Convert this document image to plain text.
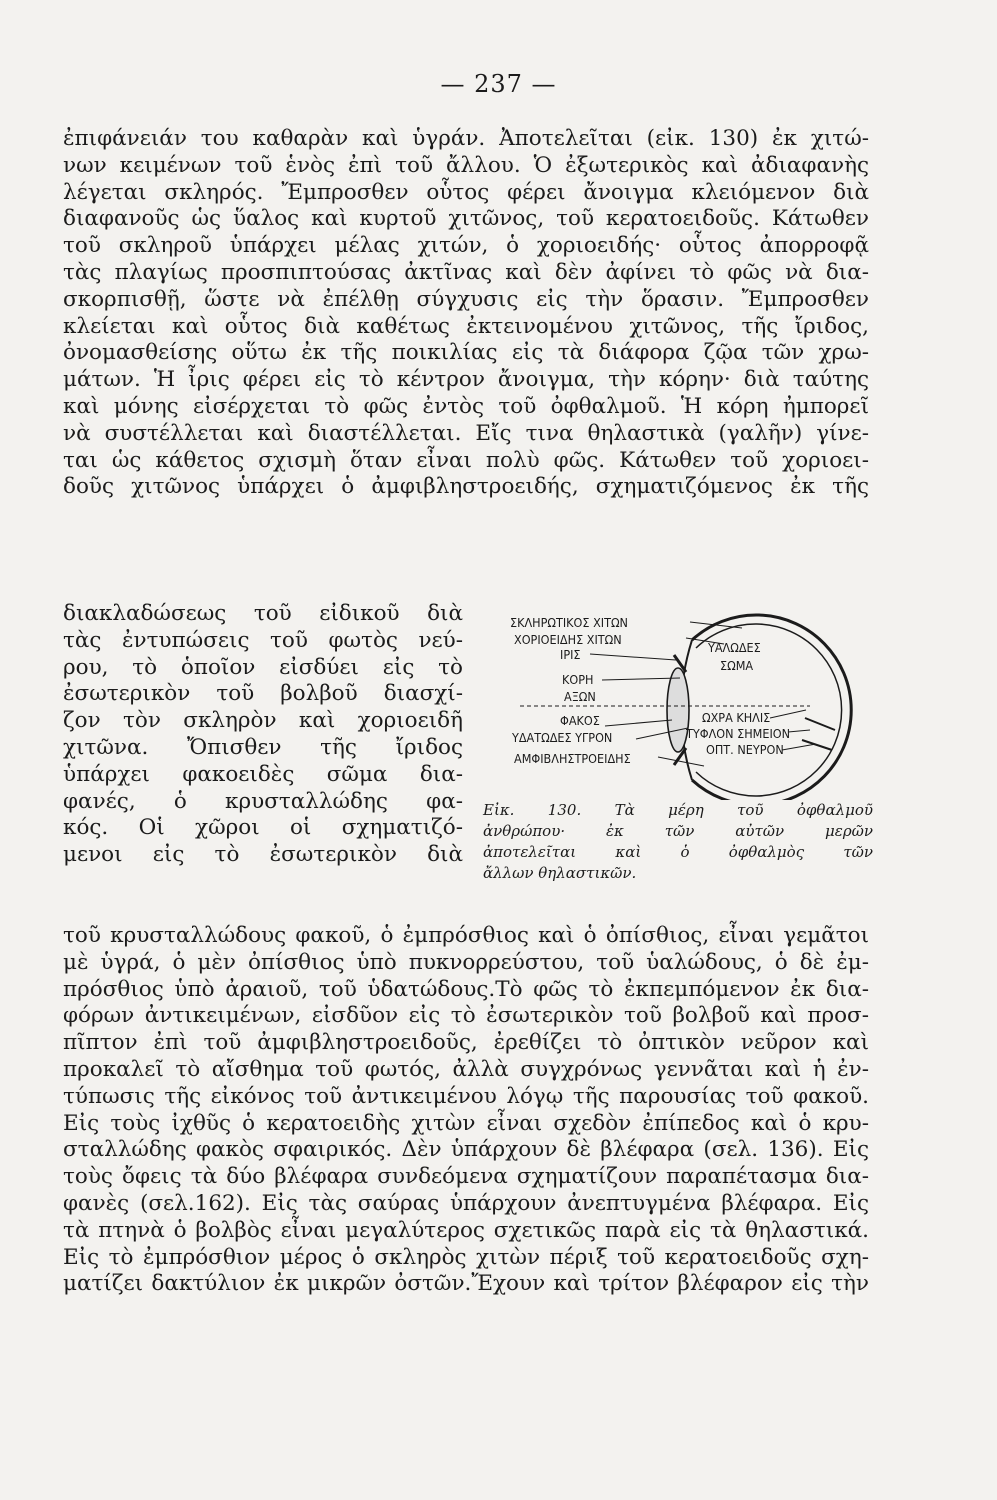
— 237 —
ἐπιφάνειάν του καθαρὰν καὶ ὑγράν. Ἀποτελεῖται (εἰκ. 130) ἐκ χιτώ-
νων κειμένων τοῦ ἑνὸς ἐπὶ τοῦ ἄλλου. Ὁ ἐξωτερικὸς καὶ ἀδιαφανὴς
λέγεται σκληρός. Ἔμπροσθεν οὗτος φέρει ἄνοιγμα κλειόμενον διὰ
διαφανοῦς ὡς ὕαλος καὶ κυρτοῦ χιτῶνος, τοῦ κερατοειδοῦς. Κάτωθεν
τοῦ σκληροῦ ὑπάρχει μέλας χιτών, ὁ χοριοειδής· οὗτος ἀπορροφᾷ
τὰς πλαγίως προσπιπτούσας ἀκτῖνας καὶ δὲν ἀφίνει τὸ φῶς νὰ δια-
σκορπισθῇ, ὥστε νὰ ἐπέλθῃ σύγχυσις εἰς τὴν ὅρασιν. Ἔμπροσθεν
κλείεται καὶ οὗτος διὰ καθέτως ἐκτεινομένου χιτῶνος, τῆς ἴριδος,
ὀνομασθείσης οὕτω ἐκ τῆς ποικιλίας εἰς τὰ διάφορα ζῷα τῶν χρω-
μάτων. Ἡ ἶρις φέρει εἰς τὸ κέντρον ἄνοιγμα, τὴν κόρην· διὰ ταύτης
καὶ μόνης εἰσέρχεται τὸ φῶς ἐντὸς τοῦ ὀφθαλμοῦ. Ἡ κόρη ἠμπορεῖ
νὰ συστέλλεται καὶ διαστέλλεται. Εἴς τινα θηλαστικὰ (γαλῆν) γίνε-
ται ὡς κάθετος σχισμὴ ὅταν εἶναι πολὺ φῶς. Κάτωθεν τοῦ χοριοει-
δοῦς χιτῶνος ὑπάρχει ὁ ἀμφιβληστροειδής, σχηματιζόμενος ἐκ τῆς
διακλαδώσεως τοῦ εἰδικοῦ διὰ
τὰς ἐντυπώσεις τοῦ φωτὸς νεύ-
ρου, τὸ ὁποῖον εἰσδύει εἰς τὸ
ἐσωτερικὸν τοῦ βολβοῦ διασχί-
ζον τὸν σκληρὸν καὶ χοριοειδῆ
χιτῶνα. Ὄπισθεν τῆς ἴριδος
ὑπάρχει φακοειδὲς σῶμα δια-
φανές, ὁ κρυσταλλώδης φα-
κός. Οἱ χῶροι οἱ σχηματιζό-
μενοι εἰς τὸ ἐσωτερικὸν διὰ
ΣΚΛΗΡΩΤΙΚΟΣ ΧΙΤΩΝ
ΧΟΡΙΟΕΙΔΗΣ ΧΙΤΩΝ
ΙΡΙΣ
ΚΟΡΗ
ΑΞΩΝ
ΦΑΚΟΣ
ΥΔΑΤΩΔΕΣ ΥΓΡΟΝ
ΑΜΦΙΒΛΗΣΤΡΟΕΙΔΗΣ
ΥΑΛΩΔΕΣ
ΣΩΜΑ
ΩΧΡΑ ΚΗΛΙΣ
ΤΥΦΛΟΝ ΣΗΜΕΙΟΝ
ΟΠΤ. ΝΕΥΡΟΝ
Εἰκ. 130. Τὰ μέρη τοῦ ὀφθαλμοῦ
ἀνθρώπου· ἐκ τῶν αὐτῶν μερῶν
ἀποτελεῖται καὶ ὁ ὀφθαλμὸς τῶν
ἄλλων θηλαστικῶν.
τοῦ κρυσταλλώδους φακοῦ, ὁ ἐμπρόσθιος καὶ ὁ ὀπίσθιος, εἶναι γεμᾶτοι
μὲ ὑγρά, ὁ μὲν ὀπίσθιος ὑπὸ πυκνορρεύστου, τοῦ ὑαλώδους, ὁ δὲ ἐμ-
πρόσθιος ὑπὸ ἀραιοῦ, τοῦ ὑδατώδους.Τὸ φῶς τὸ ἐκπεμπόμενον ἐκ δια-
φόρων ἀντικειμένων, εἰσδῦον εἰς τὸ ἐσωτερικὸν τοῦ βολβοῦ καὶ προσ-
πῖπτον ἐπὶ τοῦ ἀμφιβληστροειδοῦς, ἐρεθίζει τὸ ὀπτικὸν νεῦρον καὶ
προκαλεῖ τὸ αἴσθημα τοῦ φωτός, ἀλλὰ συγχρόνως γεννᾶται καὶ ἡ ἐν-
τύπωσις τῆς εἰκόνος τοῦ ἀντικειμένου λόγῳ τῆς παρουσίας τοῦ φακοῦ.
Εἰς τοὺς ἰχθῦς ὁ κερατοειδὴς χιτὼν εἶναι σχεδὸν ἐπίπεδος καὶ ὁ κρυ-
σταλλώδης φακὸς σφαιρικός. Δὲν ὑπάρχουν δὲ βλέφαρα (σελ. 136). Εἰς
τοὺς ὄφεις τὰ δύο βλέφαρα συνδεόμενα σχηματίζουν παραπέτασμα δια-
φανὲς (σελ.162). Εἰς τὰς σαύρας ὑπάρχουν ἀνεπτυγμένα βλέφαρα. Εἰς
τὰ πτηνὰ ὁ βολβὸς εἶναι μεγαλύτερος σχετικῶς παρὰ εἰς τὰ θηλαστικά.
Εἰς τὸ ἐμπρόσθιον μέρος ὁ σκληρὸς χιτὼν πέριξ τοῦ κερατοειδοῦς σχη-
ματίζει δακτύλιον ἐκ μικρῶν ὀστῶν.Ἔχουν καὶ τρίτον βλέφαρον εἰς τὴν
